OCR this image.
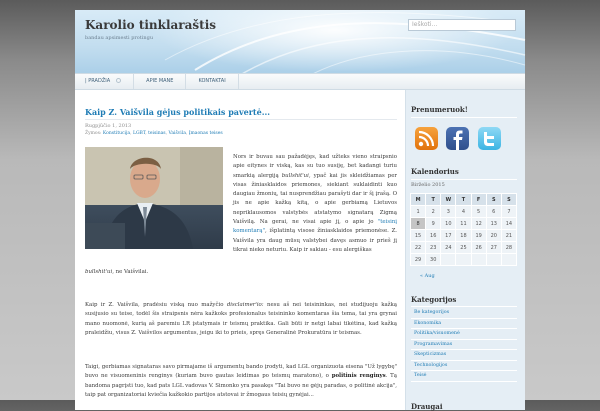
Karolio tinklaraštis
bandau apsimesti protingu
Ieškoti...
| PRADŽIA	APIE MANE	KONTAKTAI
Kaip Z. Vaišvila gėjus politikais pavertė...
Rugpjūčio 1, 2013
Žymos: Konstitucija, LGBT, teisinas, Vaišvila, Įmaonas teises
Nors ir buvau sau pažadėjęs, kad užteks vieno straipsnio apie eitynes ir viską, kas su tuo susiję, bet kadangi turiu smarkią alergiją bullshit'ui, ypač kai jis skleidžiamas per visas žiniasklaidos priemones, siekiant suklaidinti kuo daugiau žmonių, tai nusprendžiau parašyti dar ir šį įrašą. O jis ne apie kažką kitą, o apie gerbiamą Lietuvos nepriklausomos valstybės atstatymo signatarą Zigmą Vaišvilą. Na gerai, ne visai apie jį, o apie jo "teisinį komentarą", išplatintą visose žiniasklaidos priemonėse. Z. Vaišvila yra daug mūsų valstybei davęs asmuo ir prieš jį tikrai nieko neturiu. Kaip ir sakiau - esu alergiškas
bullshit'ui, ne Vaišvilai.
Kaip ir Z. Vaišvila, pradėsiu viską nuo mažyčio disclaimer'io: nesu aš nei teisininkas, nei studijuoju kažką susijusio su teise, todėl šis straipsnis nėra kažkoks profesionalus teisininko komentaras šia tema, tai yra grynai mano nuomonė, kurią aš paremiu LR įstatymais ir teismų praktika. Gali būti ir netgi labai tikėtina, kad kažką praleidžiu, visus Z. Vaišvilos argumentus, jeigu iki to prieis, spręs Generalinė Prokuratūra ir teismas.
Taigi, gerbiamas signataras savo pirmajame iš argumentų bando įrodyti, kad LGL organizuota eisena "Už lygybę" buvo ne visuomeninis renginys (kuriam buvo gautas leidimas po teismų maratono), o politinis renginys. Tą bandoma pagrįsti tuo, kad pats LGL vadovas V. Simonko yra pasakęs "Tai buvo ne gėjų paradas, o politinė akcija", taip pat organizatoriai kviečia kažkokio partijos atstovai ir žmogaus teisių gynėjai...
Prenumeruok!
Kalendorius
Birželio 2015
M	T	W	T	F	S	S
1	2	3	4	5	6	7
8	9	10	11	12	13	14
15	16	17	18	19	20	21
22	23	24	25	26	27	28
29	30					
« Aug
Kategorijos
Be kategorijos
Ekonomika
Politika/visuomenė
Programavimas
Skepticizmas
Technologijos
Teisė
Draugai
